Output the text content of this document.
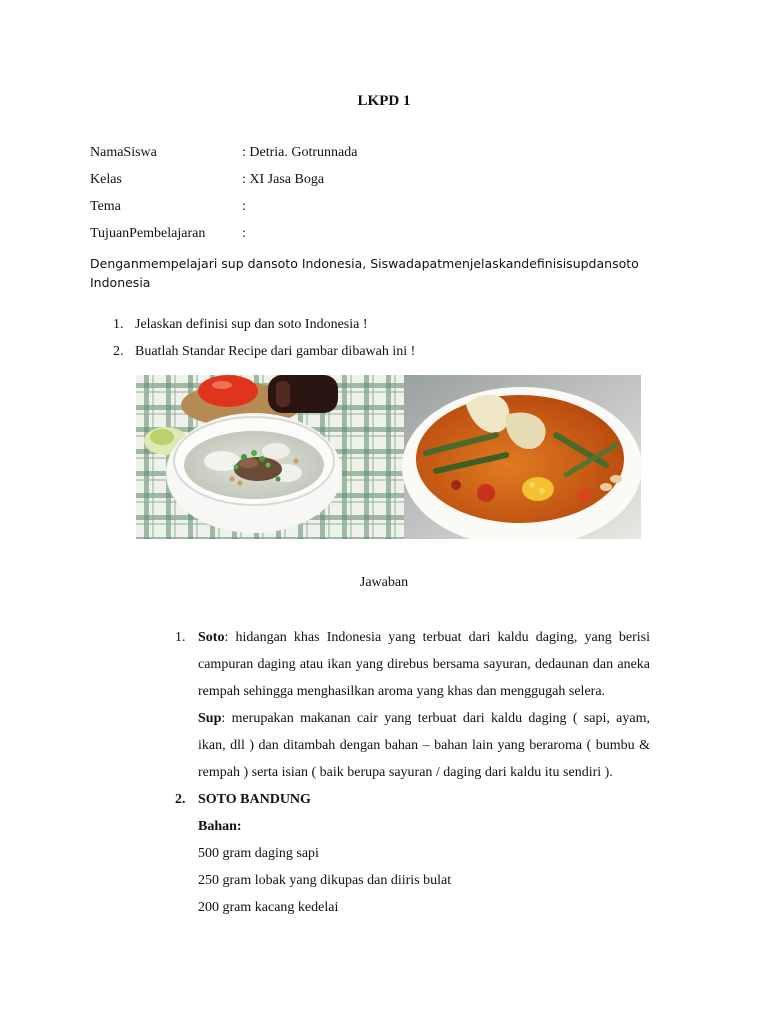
LKPD 1
NamaSiswa	: Detria. Gotrunnada
Kelas	: XI Jasa Boga
Tema	:
TujuanPembelajaran	:
Denganmempelajari sup dansoto Indonesia, Siswadapatmenjelaskandefinisisupdansoto Indonesia
1. Jelaskan definisi sup dan soto Indonesia !
2. Buatlah Standar Recipe dari gambar dibawah ini !
Jawaban
1. Soto: hidangan khas Indonesia yang terbuat dari kaldu daging, yang berisi
campuran daging atau ikan yang direbus bersama sayuran, dedaunan dan aneka
rempah sehingga menghasilkan aroma yang khas dan menggugah selera.
Sup: merupakan makanan cair yang terbuat dari kaldu daging ( sapi, ayam,
ikan, dll ) dan ditambah dengan bahan – bahan lain yang beraroma ( bumbu &
rempah ) serta isian ( baik berupa sayuran / daging dari kaldu itu sendiri ).
2. SOTO BANDUNG
Bahan:
500 gram daging sapi
250 gram lobak yang dikupas dan diiris bulat
200 gram kacang kedelai
